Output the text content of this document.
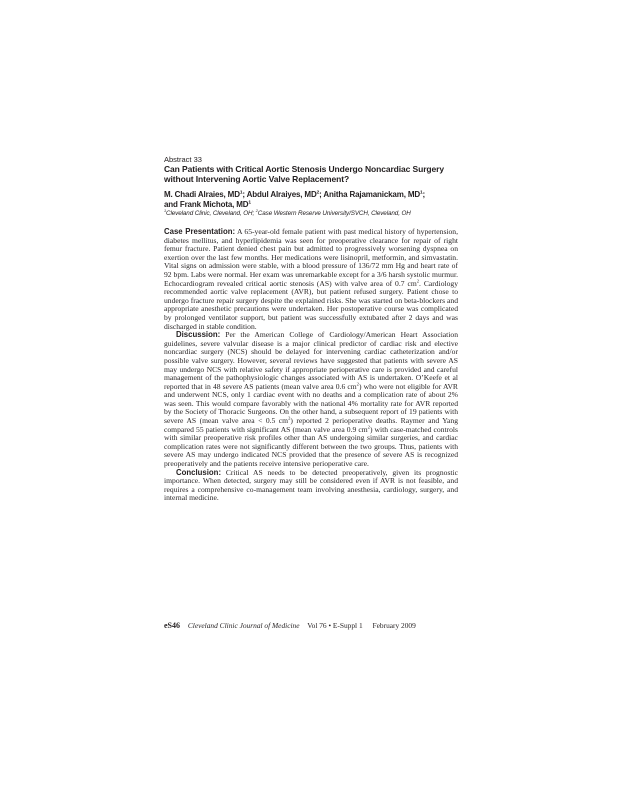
Abstract 33
Can Patients with Critical Aortic Stenosis Undergo Noncardiac Surgery
without Intervening Aortic Valve Replacement?
M. Chadi Alraies, $MD^1$; Abdul Alraiyes, $MD^2$; Anitha Rajamanickam, $MD^1$;
and Frank Michota, $MD^1$
$^1$Cleveland Clinic, Cleveland, OH; $^2$Case Western Reserve University/SVCH, Cleveland, OH

Case Presentation: A 65-year-old female patient with past medical history of hypertension, diabetes mellitus, and hyperlipidemia was seen for preoperative clearance for repair of right femur fracture. Patient denied chest pain but admitted to progressively worsening dyspnea on exertion over the last few months. Her medications were lisinopril, metformin, and simvastatin. Vital signs on admission were stable, with a blood pressure of 136/72 mm Hg and heart rate of 92 bpm. Labs were normal. Her exam was unremarkable except for a 3/6 harsh systolic murmur. Echocardiogram revealed critical aortic stenosis (AS) with valve area of 0.7 $cm^2$. Cardiology recommended aortic valve replacement (AVR), but patient refused surgery. Patient chose to undergo fracture repair surgery despite the explained risks. She was started on beta-blockers and appropriate anesthetic precautions were undertaken. Her postoperative course was complicated by prolonged ventilator support, but patient was successfully extubated after 2 days and was discharged in stable condition.

Discussion: Per the American College of Cardiology/American Heart Association guidelines, severe valvular disease is a major clinical predictor of cardiac risk and elective noncardiac surgery (NCS) should be delayed for intervening cardiac catheterization and/or possible valve surgery. However, several reviews have suggested that patients with severe AS may undergo NCS with relative safety if appropriate perioperative care is provided and careful management of the pathophysiologic changes associated with AS is undertaken. O’Keefe et al reported that in 48 severe AS patients (mean valve area 0.6 $cm^2$) who were not eligible for AVR and underwent NCS, only 1 cardiac event with no deaths and a complication rate of about 2% was seen. This would compare favorably with the national 4% mortality rate for AVR reported by the Society of Thoracic Surgeons. On the other hand, a subsequent report of 19 patients with severe AS (mean valve area < 0.5 $cm^2$) reported 2 perioperative deaths. Raymer and Yang compared 55 patients with significant AS (mean valve area 0.9 $cm^2$) with case-matched controls with similar preoperative risk profiles other than AS undergoing similar surgeries, and cardiac complication rates were not significantly different between the two groups. Thus, patients with severe AS may undergo indicated NCS provided that the presence of severe AS is recognized preoperatively and the patients receive intensive perioperative care.

Conclusion: Critical AS needs to be detected preoperatively, given its prognostic importance. When detected, surgery may still be considered even if AVR is not feasible, and requires a comprehensive co-management team involving anesthesia, cardiology, surgery, and internal medicine.

eS46 Cleveland Clinic Journal of Medicine Vol 76 • E-Suppl 1 February 2009
